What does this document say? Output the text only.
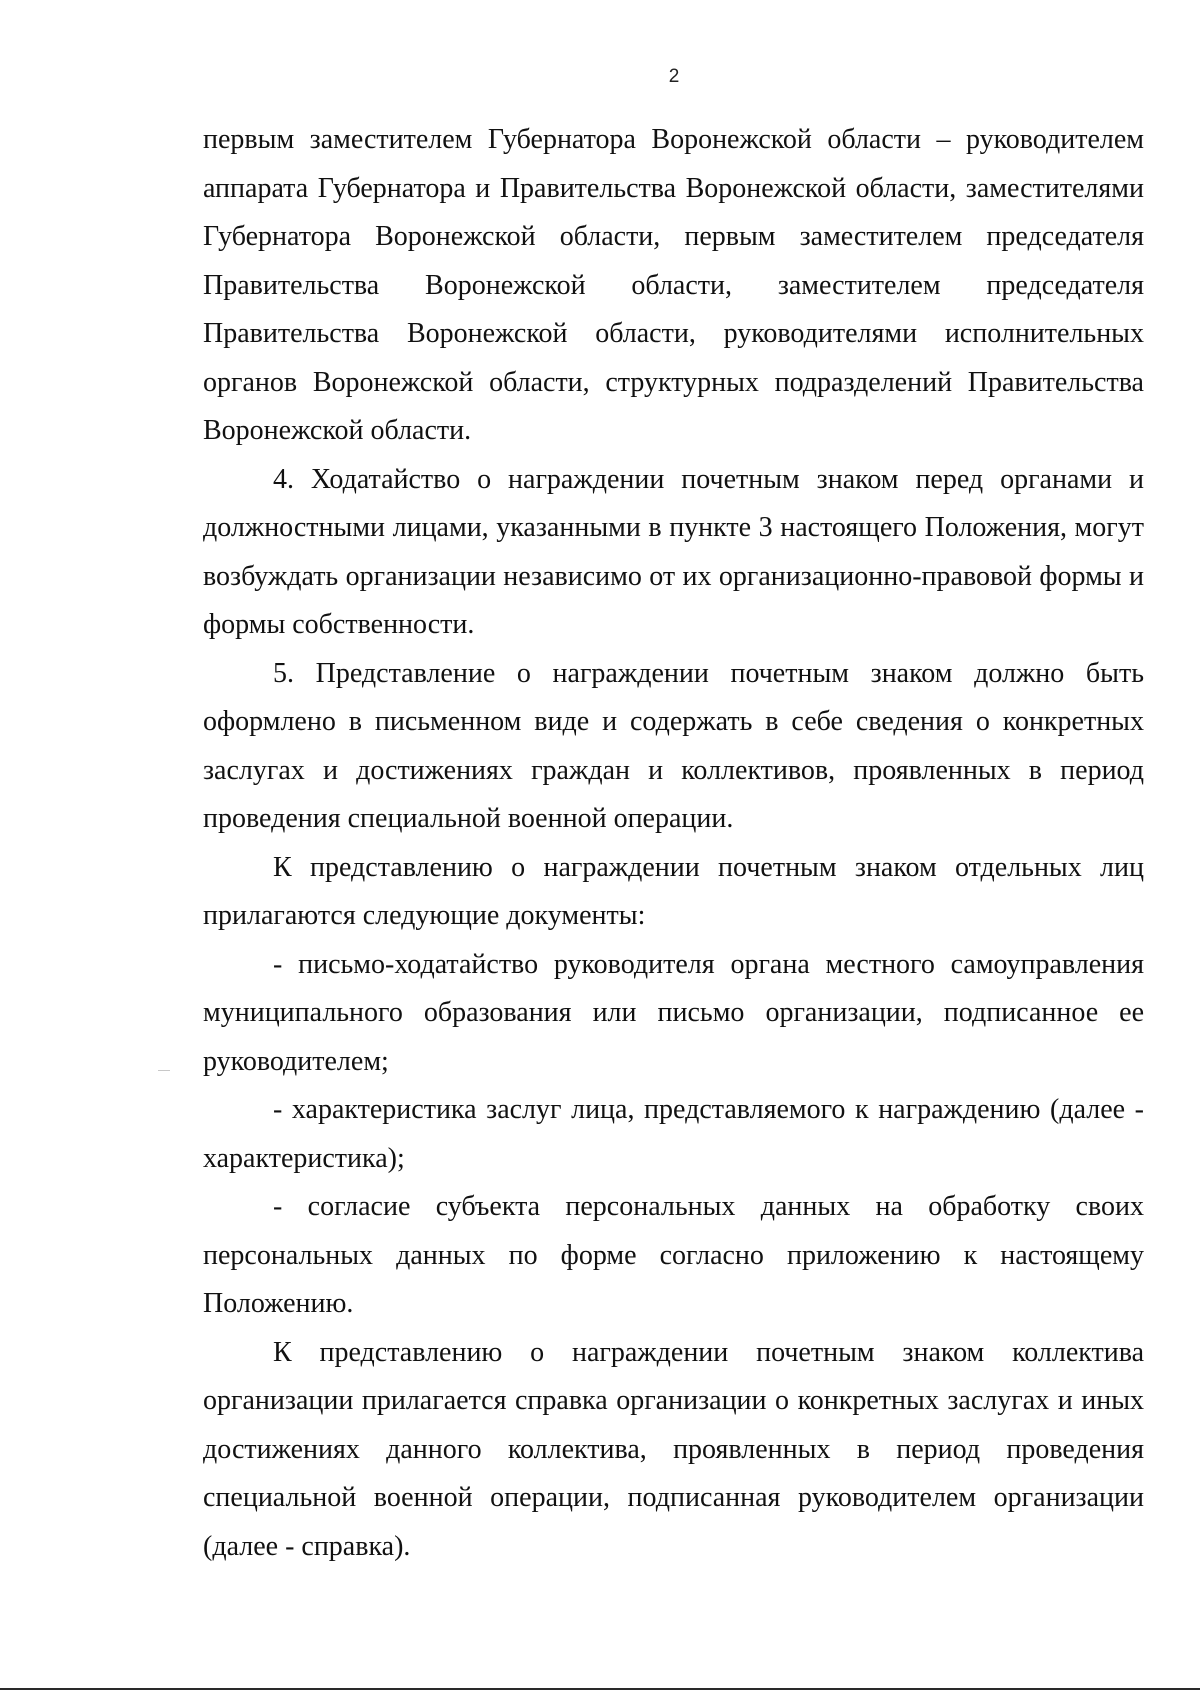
2

первым заместителем Губернатора Воронежской области – руководителем аппарата Губернатора и Правительства Воронежской области, заместителями Губернатора Воронежской области, первым заместителем председателя Правительства Воронежской области, заместителем председателя Правительства Воронежской области, руководителями исполнительных органов Воронежской области, структурных подразделений Правительства Воронежской области.

4. Ходатайство о награждении почетным знаком перед органами и должностными лицами, указанными в пункте 3 настоящего Положения, могут возбуждать организации независимо от их организационно-правовой формы и формы собственности.

5. Представление о награждении почетным знаком должно быть оформлено в письменном виде и содержать в себе сведения о конкретных заслугах и достижениях граждан и коллективов, проявленных в период проведения специальной военной операции.

К представлению о награждении почетным знаком отдельных лиц прилагаются следующие документы:

- письмо-ходатайство руководителя органа местного самоуправления муниципального образования или письмо организации, подписанное ее руководителем;

- характеристика заслуг лица, представляемого к награждению (далее - характеристика);

- согласие субъекта персональных данных на обработку своих персональных данных по форме согласно приложению к настоящему Положению.

К представлению о награждении почетным знаком коллектива организации прилагается справка организации о конкретных заслугах и иных достижениях данного коллектива, проявленных в период проведения специальной военной операции, подписанная руководителем организации (далее - справка).
